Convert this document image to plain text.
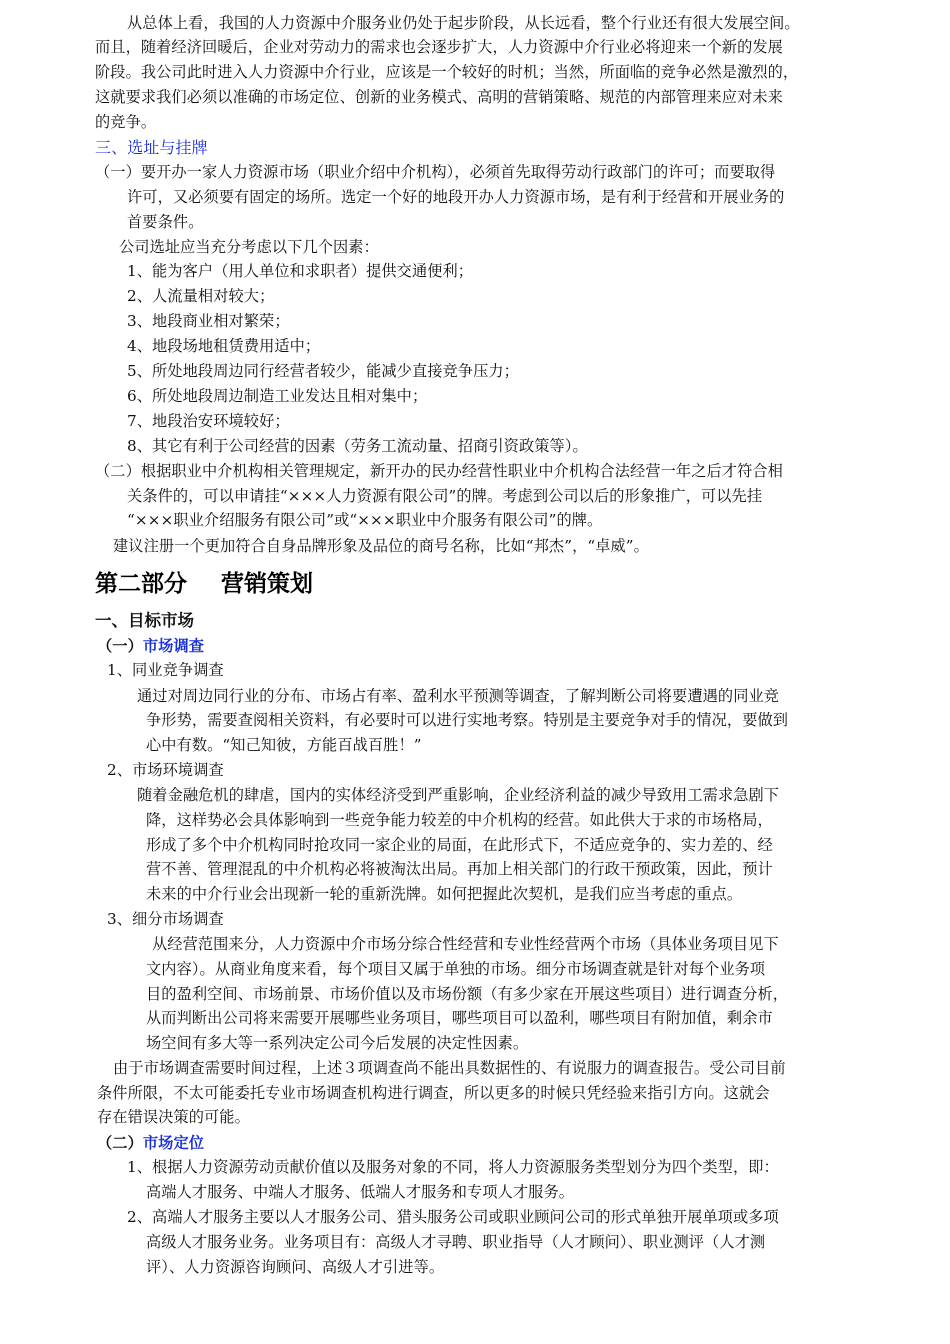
从总体上看，我国的人力资源中介服务业仍处于起步阶段，从长远看，整个行业还有很大发展空间。
而且，随着经济回暖后，企业对劳动力的需求也会逐步扩大，人力资源中介行业必将迎来一个新的发展
阶段。我公司此时进入人力资源中介行业，应该是一个较好的时机；当然，所面临的竞争必然是激烈的，
这就要求我们必须以准确的市场定位、创新的业务模式、高明的营销策略、规范的内部管理来应对未来
的竞争。
三、选址与挂牌
（一）要开办一家人力资源市场（职业介绍中介机构），必须首先取得劳动行政部门的许可；而要取得
许可，又必须要有固定的场所。选定一个好的地段开办人力资源市场，是有利于经营和开展业务的
首要条件。
公司选址应当充分考虑以下几个因素：
1、能为客户（用人单位和求职者）提供交通便利；
2、人流量相对较大；
3、地段商业相对繁荣；
4、地段场地租赁费用适中；
5、所处地段周边同行经营者较少，能减少直接竞争压力；
6、所处地段周边制造工业发达且相对集中；
7、地段治安环境较好；
8、其它有利于公司经营的因素（劳务工流动量、招商引资政策等）。
（二）根据职业中介机构相关管理规定，新开办的民办经营性职业中介机构合法经营一年之后才符合相
关条件的，可以申请挂“×××人力资源有限公司”的牌。考虑到公司以后的形象推广，可以先挂
“×××职业介绍服务有限公司”或“×××职业中介服务有限公司”的牌。
建议注册一个更加符合自身品牌形象及品位的商号名称，比如“邦杰”，“卓威”。
第二部分 营销策划
一、目标市场
（一）市场调查
1、同业竞争调查
通过对周边同行业的分布、市场占有率、盈利水平预测等调查，了解判断公司将要遭遇的同业竞
争形势，需要查阅相关资料，有必要时可以进行实地考察。特别是主要竞争对手的情况，要做到
心中有数。“知己知彼，方能百战百胜！”
2、市场环境调查
随着金融危机的肆虐，国内的实体经济受到严重影响，企业经济利益的减少导致用工需求急剧下
降，这样势必会具体影响到一些竞争能力较差的中介机构的经营。如此供大于求的市场格局，
形成了多个中介机构同时抢攻同一家企业的局面，在此形式下，不适应竞争的、实力差的、经
营不善、管理混乱的中介机构必将被淘汰出局。再加上相关部门的行政干预政策，因此，预计
未来的中介行业会出现新一轮的重新洗牌。如何把握此次契机，是我们应当考虑的重点。
3、细分市场调查
从经营范围来分，人力资源中介市场分综合性经营和专业性经营两个市场（具体业务项目见下
文内容）。从商业角度来看，每个项目又属于单独的市场。细分市场调查就是针对每个业务项
目的盈利空间、市场前景、市场价值以及市场份额（有多少家在开展这些项目）进行调查分析，
从而判断出公司将来需要开展哪些业务项目，哪些项目可以盈利，哪些项目有附加值，剩余市
场空间有多大等一系列决定公司今后发展的决定性因素。
由于市场调查需要时间过程，上述３项调查尚不能出具数据性的、有说服力的调查报告。受公司目前
条件所限，不太可能委托专业市场调查机构进行调查，所以更多的时候只凭经验来指引方向。这就会
存在错误决策的可能。
（二）市场定位
1、根据人力资源劳动贡献价值以及服务对象的不同，将人力资源服务类型划分为四个类型，即：
高端人才服务、中端人才服务、低端人才服务和专项人才服务。
2、高端人才服务主要以人才服务公司、猎头服务公司或职业顾问公司的形式单独开展单项或多项
高级人才服务业务。业务项目有：高级人才寻聘、职业指导（人才顾问）、职业测评（人才测
评）、人力资源咨询顾问、高级人才引进等。
